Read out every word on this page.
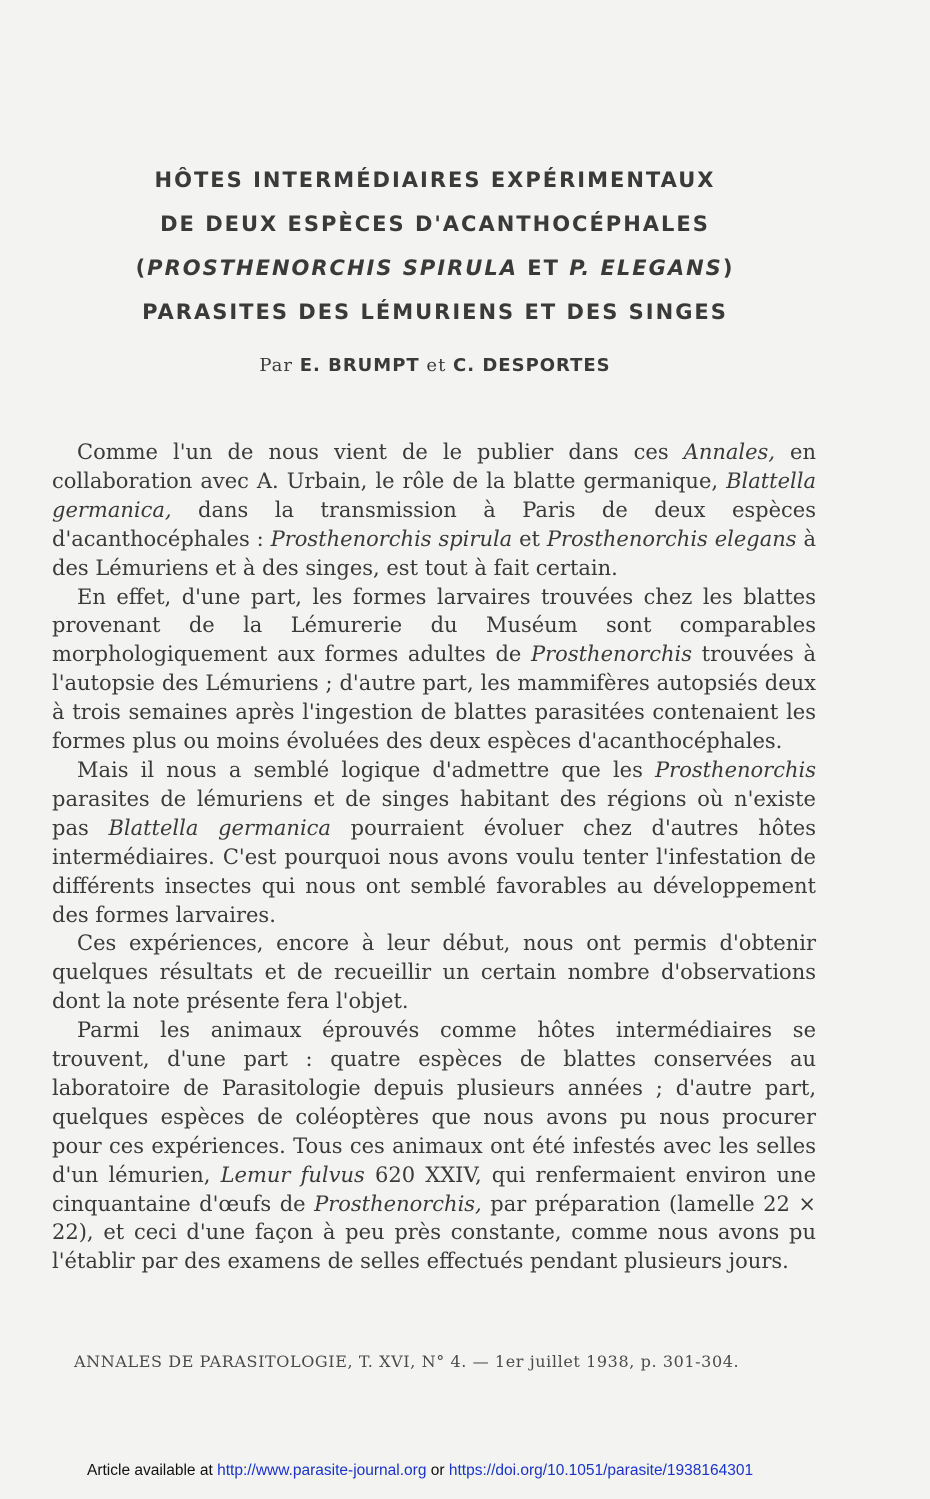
HÔTES INTERMÉDIAIRES EXPÉRIMENTAUX
DE DEUX ESPÈCES D'ACANTHOCÉPHALES
(PROSTHENORCHIS SPIRULA ET P. ELEGANS)
PARASITES DES LÉMURIENS ET DES SINGES
Par E. BRUMPT et C. DESPORTES

Comme l'un de nous vient de le publier dans ces Annales, en collaboration avec A. Urbain, le rôle de la blatte germanique, Blattella germanica, dans la transmission à Paris de deux espèces d'acanthocéphales : Prosthenorchis spirula et Prosthenorchis elegans à des Lémuriens et à des singes, est tout à fait certain.

En effet, d'une part, les formes larvaires trouvées chez les blattes provenant de la Lémurerie du Muséum sont comparables morphologiquement aux formes adultes de Prosthenorchis trouvées à l'autopsie des Lémuriens ; d'autre part, les mammifères autopsiés deux à trois semaines après l'ingestion de blattes parasitées contenaient les formes plus ou moins évoluées des deux espèces d'acanthocéphales.

Mais il nous a semblé logique d'admettre que les Prosthenorchis parasites de lémuriens et de singes habitant des régions où n'existe pas Blattella germanica pourraient évoluer chez d'autres hôtes intermédiaires. C'est pourquoi nous avons voulu tenter l'infestation de différents insectes qui nous ont semblé favorables au développement des formes larvaires.

Ces expériences, encore à leur début, nous ont permis d'obtenir quelques résultats et de recueillir un certain nombre d'observations dont la note présente fera l'objet.

Parmi les animaux éprouvés comme hôtes intermédiaires se trouvent, d'une part : quatre espèces de blattes conservées au laboratoire de Parasitologie depuis plusieurs années ; d'autre part, quelques espèces de coléoptères que nous avons pu nous procurer pour ces expériences. Tous ces animaux ont été infestés avec les selles d'un lémurien, Lemur fulvus 620 XXIV, qui renfermaient environ une cinquantaine d'œufs de Prosthenorchis, par préparation (lamelle 22 × 22), et ceci d'une façon à peu près constante, comme nous avons pu l'établir par des examens de selles effectués pendant plusieurs jours.

ANNALES DE PARASITOLOGIE, T. XVI, N° 4. — 1er juillet 1938, p. 301-304.
Article available at http://www.parasite-journal.org or https://doi.org/10.1051/parasite/1938164301
